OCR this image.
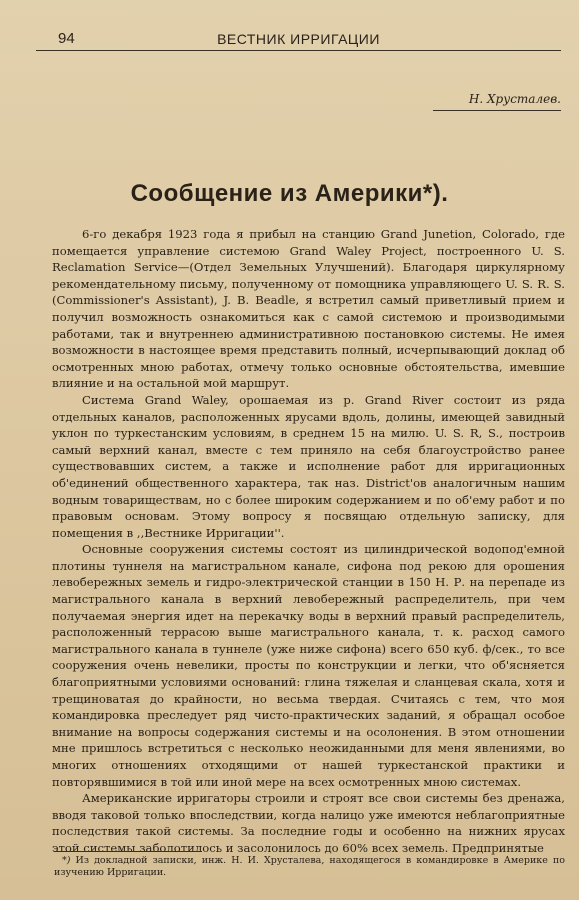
94	ВЕСТНИК ИРРИГАЦИИ
Н. Хрусталев.
Сообщение из Америки*).

6-го декабря 1923 года я прибыл на станцию Grand Junetion, Colorado, где помещается управление системою Grand Waley Project, построенного U. S. Reclamation Service—(Отдел Земельных Улучшений). Благодаря циркулярному рекомендательному письму, полученному от помощника управляющего U. S. R. S. (Commissioner's Assistant), J. B. Beadle, я встретил самый приветливый прием и получил возможность ознакомиться как с самой системою и производимыми работами, так и внутреннею административною постановкою системы. Не имея возможности в настоящее время представить полный, исчерпывающий доклад об осмотренных мною работах, отмечу только основные обстоятельства, имевшие влияние и на остальной мой маршрут.

Система Grand Waley, орошаемая из р. Grand River состоит из ряда отдельных каналов, расположенных ярусами вдоль, долины, имеющей завидный уклон по туркестанским условиям, в среднем 15 на милю. U. S. R, S., построив самый верхний канал, вместе с тем приняло на себя благоустройство ранее существовавших систем, а также и исполнение работ для ирригационных об'единений общественного характера, так наз. District'ов аналогичным нашим водным товариществам, но с более широким содержанием и по об'ему работ и по правовым основам. Этому вопросу я посвящаю отдельную записку, для помещения в ,,Вестнике Ирригации''.

Основные сооружения системы состоят из цилиндрической водопод'емной плотины туннеля на магистральном канале, сифона под рекою для орошения левобережных земель и гидро-электрической станции в 150 Н. Р. на перепаде из магистрального канала в верхний левобережный распределитель, при чем получаемая энергия идет на перекачку воды в верхний правый распределитель, расположенный террасою выше магистрального канала, т. к. расход самого магистрального канала в туннеле (уже ниже сифона) всего 650 куб. ф/сек., то все сооружения очень невелики, просты по конструкции и легки, что об'ясняется благоприятными условиями оснований: глина тяжелая и сланцевая скала, хотя и трещиноватая до крайности, но весьма твердая. Считаясь с тем, что моя командировка преследует ряд чисто-практических заданий, я обращал особое внимание на вопросы содержания системы и на осолонения. В этом отношении мне пришлось встретиться с несколько неожиданными для меня явлениями, во многих отношениях отходящими от нашей туркестанской практики и повторявшимися в той или иной мере на всех осмотренных мною системах.

Американские ирригаторы строили и строят все свои системы без дренажа, вводя таковой только впоследствии, когда налицо уже имеются неблагоприятные последствия такой системы. За последние годы и особенно на нижних ярусах этой системы заболотилось и засолонилось до 60% всех земель. Предпринятые

*) Из докладной записки, инж. Н. И. Хрусталева, находящегося в командировке в Америке по изучению Ирригации.
